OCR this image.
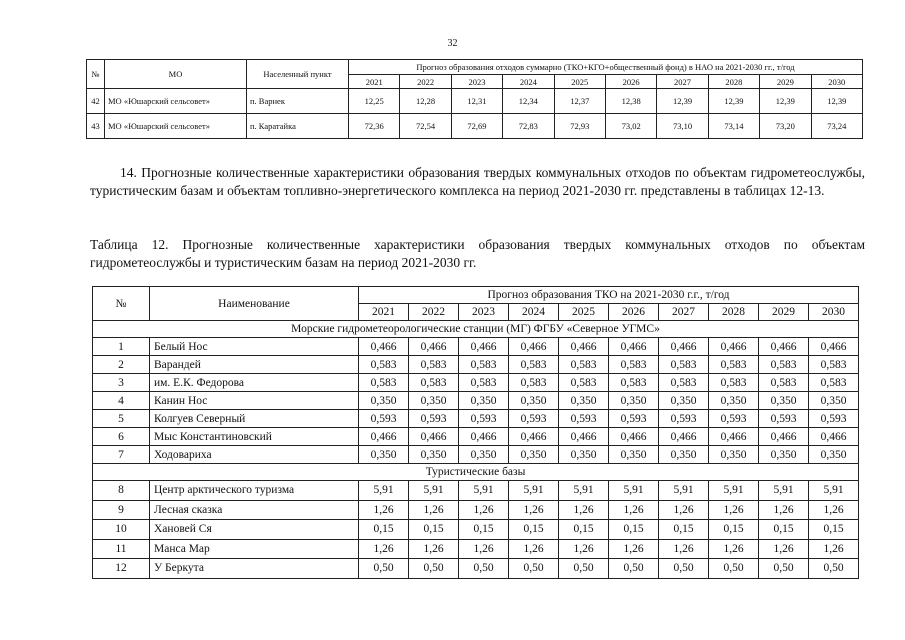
32
№	МО	Населенный пункт	Прогноз образования отходов суммарно (ТКО+КГО+общественный фонд) в НАО на 2021-2030 гг., т/год									
			2021	2022	2023	2024	2025	2026	2027	2028	2029	2030
42	МО «Юшарский сельсовет»	п. Варнек	12,25	12,28	12,31	12,34	12,37	12,38	12,39	12,39	12,39	12,39
43	МО «Юшарский сельсовет»	п. Каратайка	72,36	72,54	72,69	72,83	72,93	73,02	73,10	73,14	73,20	73,24
14. Прогнозные количественные характеристики образования твердых коммунальных отходов по объектам гидрометеослужбы, туристическим базам и объектам топливно-энергетического комплекса на период 2021-2030 гг. представлены в таблицах 12-13.
Таблица 12. Прогнозные количественные характеристики образования твердых коммунальных отходов по объектам гидрометеослужбы и туристическим базам на период 2021-2030 гг.
№	Наименование	Прогноз образования ТКО на 2021-2030 г.г., т/год									
		2021	2022	2023	2024	2025	2026	2027	2028	2029	2030
Морские гидрометеорологические станции (МГ) ФГБУ «Северное УГМС»											
1	Белый Нос	0,466	0,466	0,466	0,466	0,466	0,466	0,466	0,466	0,466	0,466
2	Варандей	0,583	0,583	0,583	0,583	0,583	0,583	0,583	0,583	0,583	0,583
3	им. Е.К. Федорова	0,583	0,583	0,583	0,583	0,583	0,583	0,583	0,583	0,583	0,583
4	Канин Нос	0,350	0,350	0,350	0,350	0,350	0,350	0,350	0,350	0,350	0,350
5	Колгуев Северный	0,593	0,593	0,593	0,593	0,593	0,593	0,593	0,593	0,593	0,593
6	Мыс Константиновский	0,466	0,466	0,466	0,466	0,466	0,466	0,466	0,466	0,466	0,466
7	Ходовариха	0,350	0,350	0,350	0,350	0,350	0,350	0,350	0,350	0,350	0,350
Туристические базы											
8	Центр арктического туризма	5,91	5,91	5,91	5,91	5,91	5,91	5,91	5,91	5,91	5,91
9	Лесная сказка	1,26	1,26	1,26	1,26	1,26	1,26	1,26	1,26	1,26	1,26
10	Хановей Ся	0,15	0,15	0,15	0,15	0,15	0,15	0,15	0,15	0,15	0,15
11	Манса Мар	1,26	1,26	1,26	1,26	1,26	1,26	1,26	1,26	1,26	1,26
12	У Беркута	0,50	0,50	0,50	0,50	0,50	0,50	0,50	0,50	0,50	0,50
